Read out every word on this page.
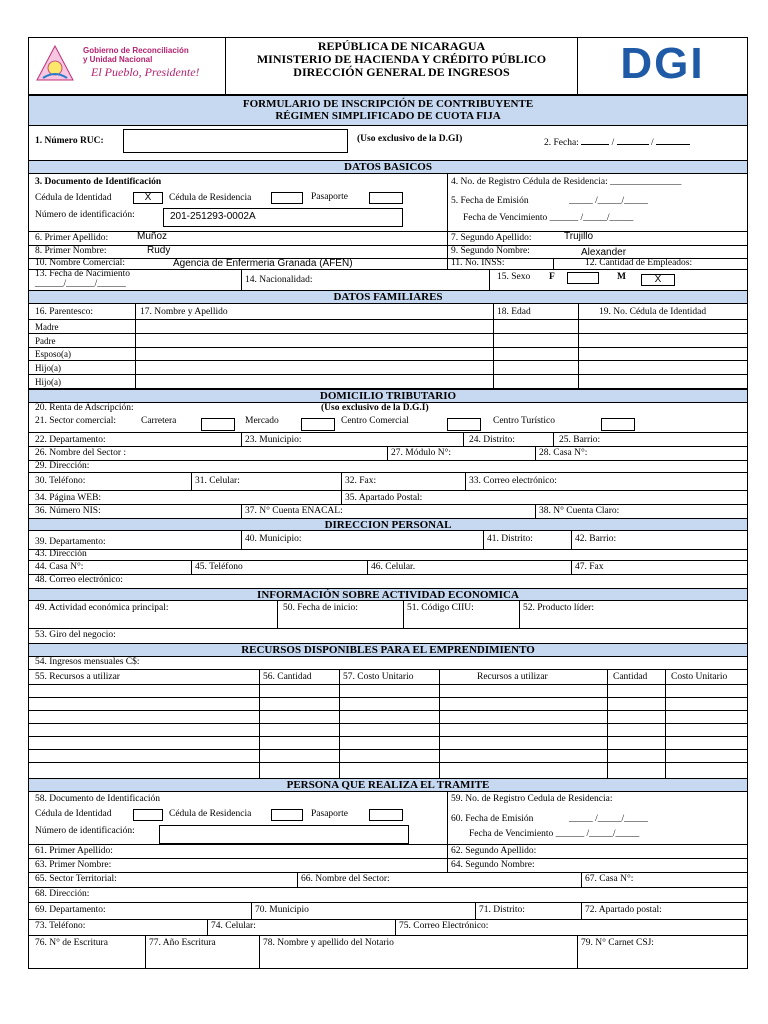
Gobierno de Reconciliación
y Unidad Nacional
El Pueblo, Presidente!
REPÚBLICA DE NICARAGUA
MINISTERIO DE HACIENDA Y CRÉDITO PÚBLICO
DIRECCIÓN GENERAL DE INGRESOS	DGI
FORMULARIO DE INSCRIPCIÓN DE CONTRIBUYENTE
RÉGIMEN SIMPLIFICADO DE CUOTA FIJA
1. Número RUC:	(Uso exclusivo de la D.GI)	2. Fecha:	/	/
DATOS BASICOS
3. Documento de Identificación
Cédula de Identidad	X	Cédula de Residencia	Pasaporte
Número de identificación:	201-251293-0002A
4. No. de Registro Cédula de Residencia: _______________
5. Fecha de Emisión	_____ /_____/_____
Fecha de Vencimiento ______ /_____/_____
6. Primer Apellido:	Muñoz	7. Segundo Apellido:	Trujillo
8. Primer Nombre:	Rudy	9. Segundo Nombre:	Alexander
10. Nombre Comercial:	Agencia de Enfermeria Granada (AFEN)	11. No. INSS:	12. Cantidad de Empleados:
13. Fecha de Nacimiento
______/______/______	14. Nacionalidad:	15. Sexo F	M	X
DATOS FAMILIARES
16. Parentesco:	17. Nombre y Apellido	18. Edad	19. No. Cédula de Identidad
Madre
Padre
Esposo(a)
Hijo(a)
Hijo(a)
DOMICILIO TRIBUTARIO
20. Renta de Adscripción:	(Uso exclusivo de la D.G.I)
21. Sector comercial:	Carretera	Mercado	Centro Comercial	Centro Turístico
22. Departamento:	23. Municipio:	24. Distrito:	25. Barrio:
26. Nombre del Sector :	27. Módulo N°:	28. Casa N°:
29. Dirección:
30. Teléfono:	31. Celular:	32. Fax:	33. Correo electrónico:
34. Página WEB:	35. Apartado Postal:
36. Número NIS:	37. N° Cuenta ENACAL:	38. N° Cuenta Claro:
DIRECCION PERSONAL
39. Departamento:	40. Municipio:	41. Distrito:	42. Barrio:
43. Dirección
44. Casa N°:	45. Teléfono	46. Celular.	47. Fax
48. Correo electrónico:
INFORMACIÓN SOBRE ACTIVIDAD ECONOMICA
49. Actividad económica principal:	50. Fecha de inicio:	51. Código CIIU:	52. Producto líder:
53. Giro del negocio:
RECURSOS DISPONIBLES PARA EL EMPRENDIMIENTO
54. Ingresos mensuales C$:
55. Recursos a utilizar	56. Cantidad	57. Costo Unitario	Recursos a utilizar	Cantidad Costo Unitario
PERSONA QUE REALIZA EL TRAMITE
58. Documento de Identificación
Cédula de Identidad	Cédula de Residencia	Pasaporte
Número de identificación:
59. No. de Registro Cedula de Residencia:
60. Fecha de Emisión	_____ /_____/_____
Fecha de Vencimiento ______ /_____/_____
61. Primer Apellido:	62. Segundo Apellido:
63. Primer Nombre:	64. Segundo Nombre:
65. Sector Territorial:	66. Nombre del Sector:	67. Casa N°:
68. Dirección:
69. Departamento:	70. Municipio	71. Distrito:	72. Apartado postal:
73. Teléfono:	74. Celular:	75. Correo Electrónico:
76. N° de Escritura	77. Año Escritura	78. Nombre y apellido del Notario	79. N° Carnet CSJ:
